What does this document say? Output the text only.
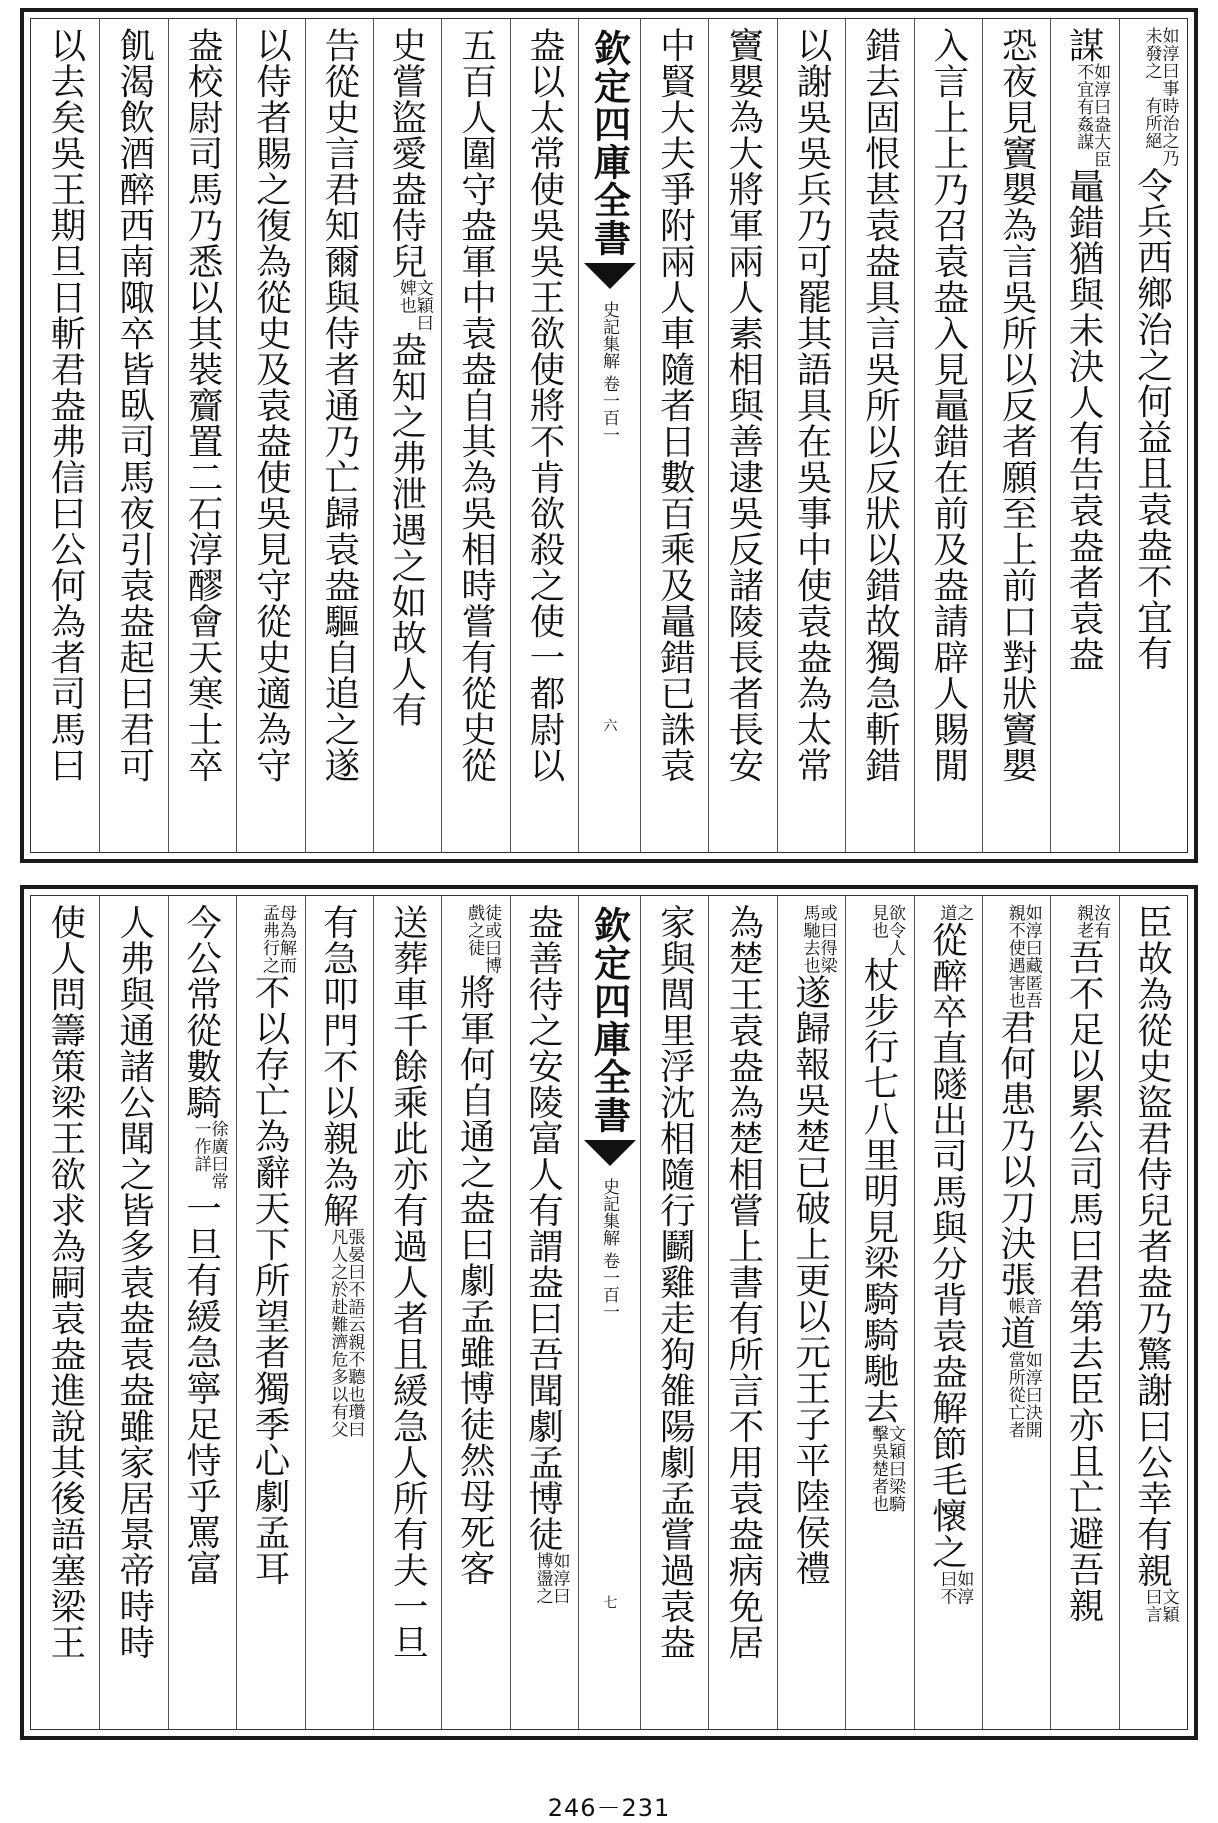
如淳曰事未發之時治之乃有所絕令兵西鄉治之何益且袁盎不宜有
謀如淳曰盎大臣不宜有姦謀鼂錯猶與未決人有告袁盎者袁盎
恐夜見竇嬰為言吳所以反者願至上前口對狀竇嬰
入言上上乃召袁盎入見鼂錯在前及盎請辟人賜閒
錯去固恨甚袁盎具言吳所以反狀以錯故獨急斬錯
以謝吳吳兵乃可罷其語具在吳事中使袁盎為太常
竇嬰為大將軍兩人素相與善逮吳反諸陵長者長安
中賢大夫爭附兩人車隨者日數百乘及鼂錯已誅袁
欽定四庫全書
史記集解
卷一百一
六
盎以太常使吳吳王欲使將不肯欲殺之使一都尉以
五百人圍守盎軍中袁盎自其為吳相時嘗有從史從
史嘗盜愛盎侍兒文穎曰婢也盎知之弗泄遇之如故人有
告從史言君知爾與侍者通乃亡歸袁盎驅自追之遂
以侍者賜之復為從史及袁盎使吳見守從史適為守
盎校尉司馬乃悉以其裝齎置二石淳醪會天寒士卒
飢渴飲酒醉西南陬卒皆臥司馬夜引袁盎起曰君可
以去矣吳王期旦日斬君盎弗信曰公何為者司馬曰
臣故為從史盜君侍兒者盎乃驚謝曰公幸有親文穎曰言
汝有親老吾不足以累公司馬曰君第去臣亦且亡避吾親
如淳曰藏匿吾親不使遇害也君何患乃以刀決張音帳道如淳曰決開當所從亡者
之道從醉卒直隧出司馬與分背袁盎解節毛懷之如淳曰不
欲令人見也杖步行七八里明見梁騎騎馳去文穎曰梁騎擊吳楚者也
或曰得梁馬馳去也遂歸報吳楚已破上更以元王子平陸侯禮
為楚王袁盎為楚相嘗上書有所言不用袁盎病免居
家與閭里浮沈相隨行鬬雞走狗雒陽劇孟嘗過袁盎
欽定四庫全書
史記集解
卷一百一
七
盎善待之安陵富人有謂盎曰吾聞劇孟博徒如淳曰博盪之
徒或曰博戲之徒將軍何自通之盎曰劇孟雖博徒然母死客
送葬車千餘乘此亦有過人者且緩急人所有夫一旦
有急叩門不以親為解張晏曰不語云親不聽也瓚曰凡人之於赴難濟危多以有父
母為解而孟弗行之不以存亡為辭天下所望者獨季心劇孟耳
今公常從數騎徐廣曰常一作詳一旦有緩急寧足恃乎罵富
人弗與通諸公聞之皆多袁盎袁盎雖家居景帝時時
使人問籌策梁王欲求為嗣袁盎進說其後語塞梁王
246－231
